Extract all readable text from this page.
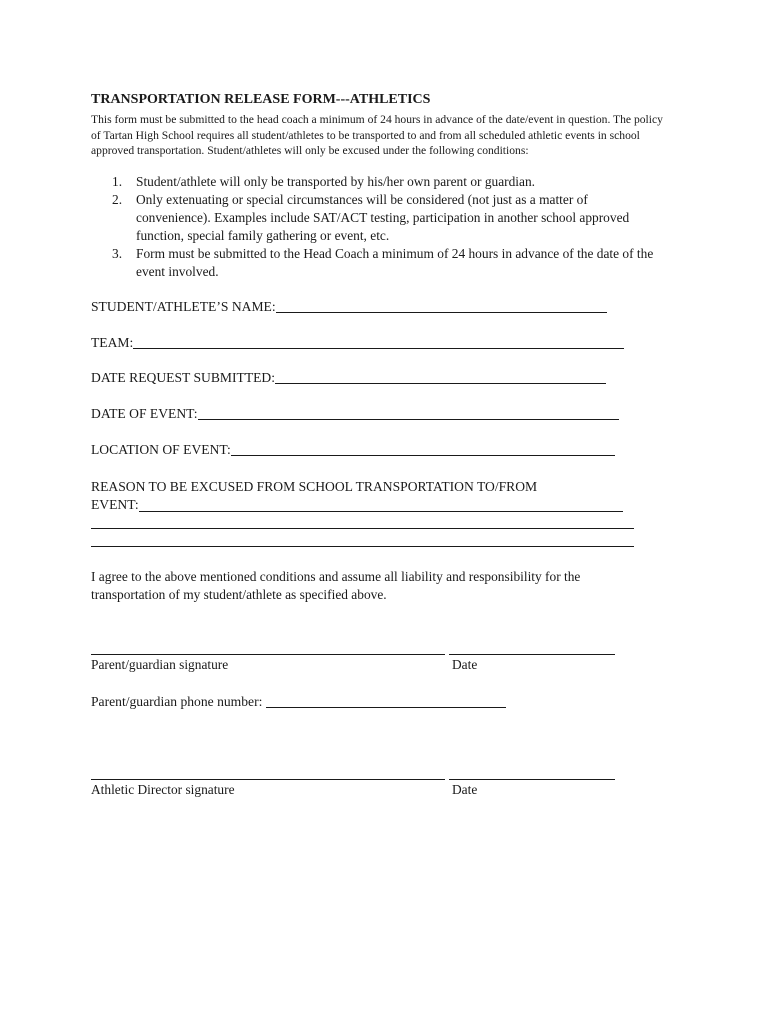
TRANSPORTATION RELEASE FORM---ATHLETICS
This form must be submitted to the head coach a minimum of 24 hours in advance of the date/event in question. The policy of Tartan High School requires all student/athletes to be transported to and from all scheduled athletic events in school approved transportation. Student/athletes will only be excused under the following conditions:
1. Student/athlete will only be transported by his/her own parent or guardian.
2. Only extenuating or special circumstances will be considered (not just as a matter of convenience). Examples include SAT/ACT testing, participation in another school approved function, special family gathering or event, etc.
3. Form must be submitted to the Head Coach a minimum of 24 hours in advance of the date of the event involved.
STUDENT/ATHLETE’S NAME:
TEAM:
DATE REQUEST SUBMITTED:
DATE OF EVENT:
LOCATION OF EVENT:
REASON TO BE EXCUSED FROM SCHOOL TRANSPORTATION TO/FROM
EVENT:
I agree to the above mentioned conditions and assume all liability and responsibility for the transportation of my student/athlete as specified above.
Parent/guardian signature	Date
Parent/guardian phone number:
Athletic Director signature	Date
